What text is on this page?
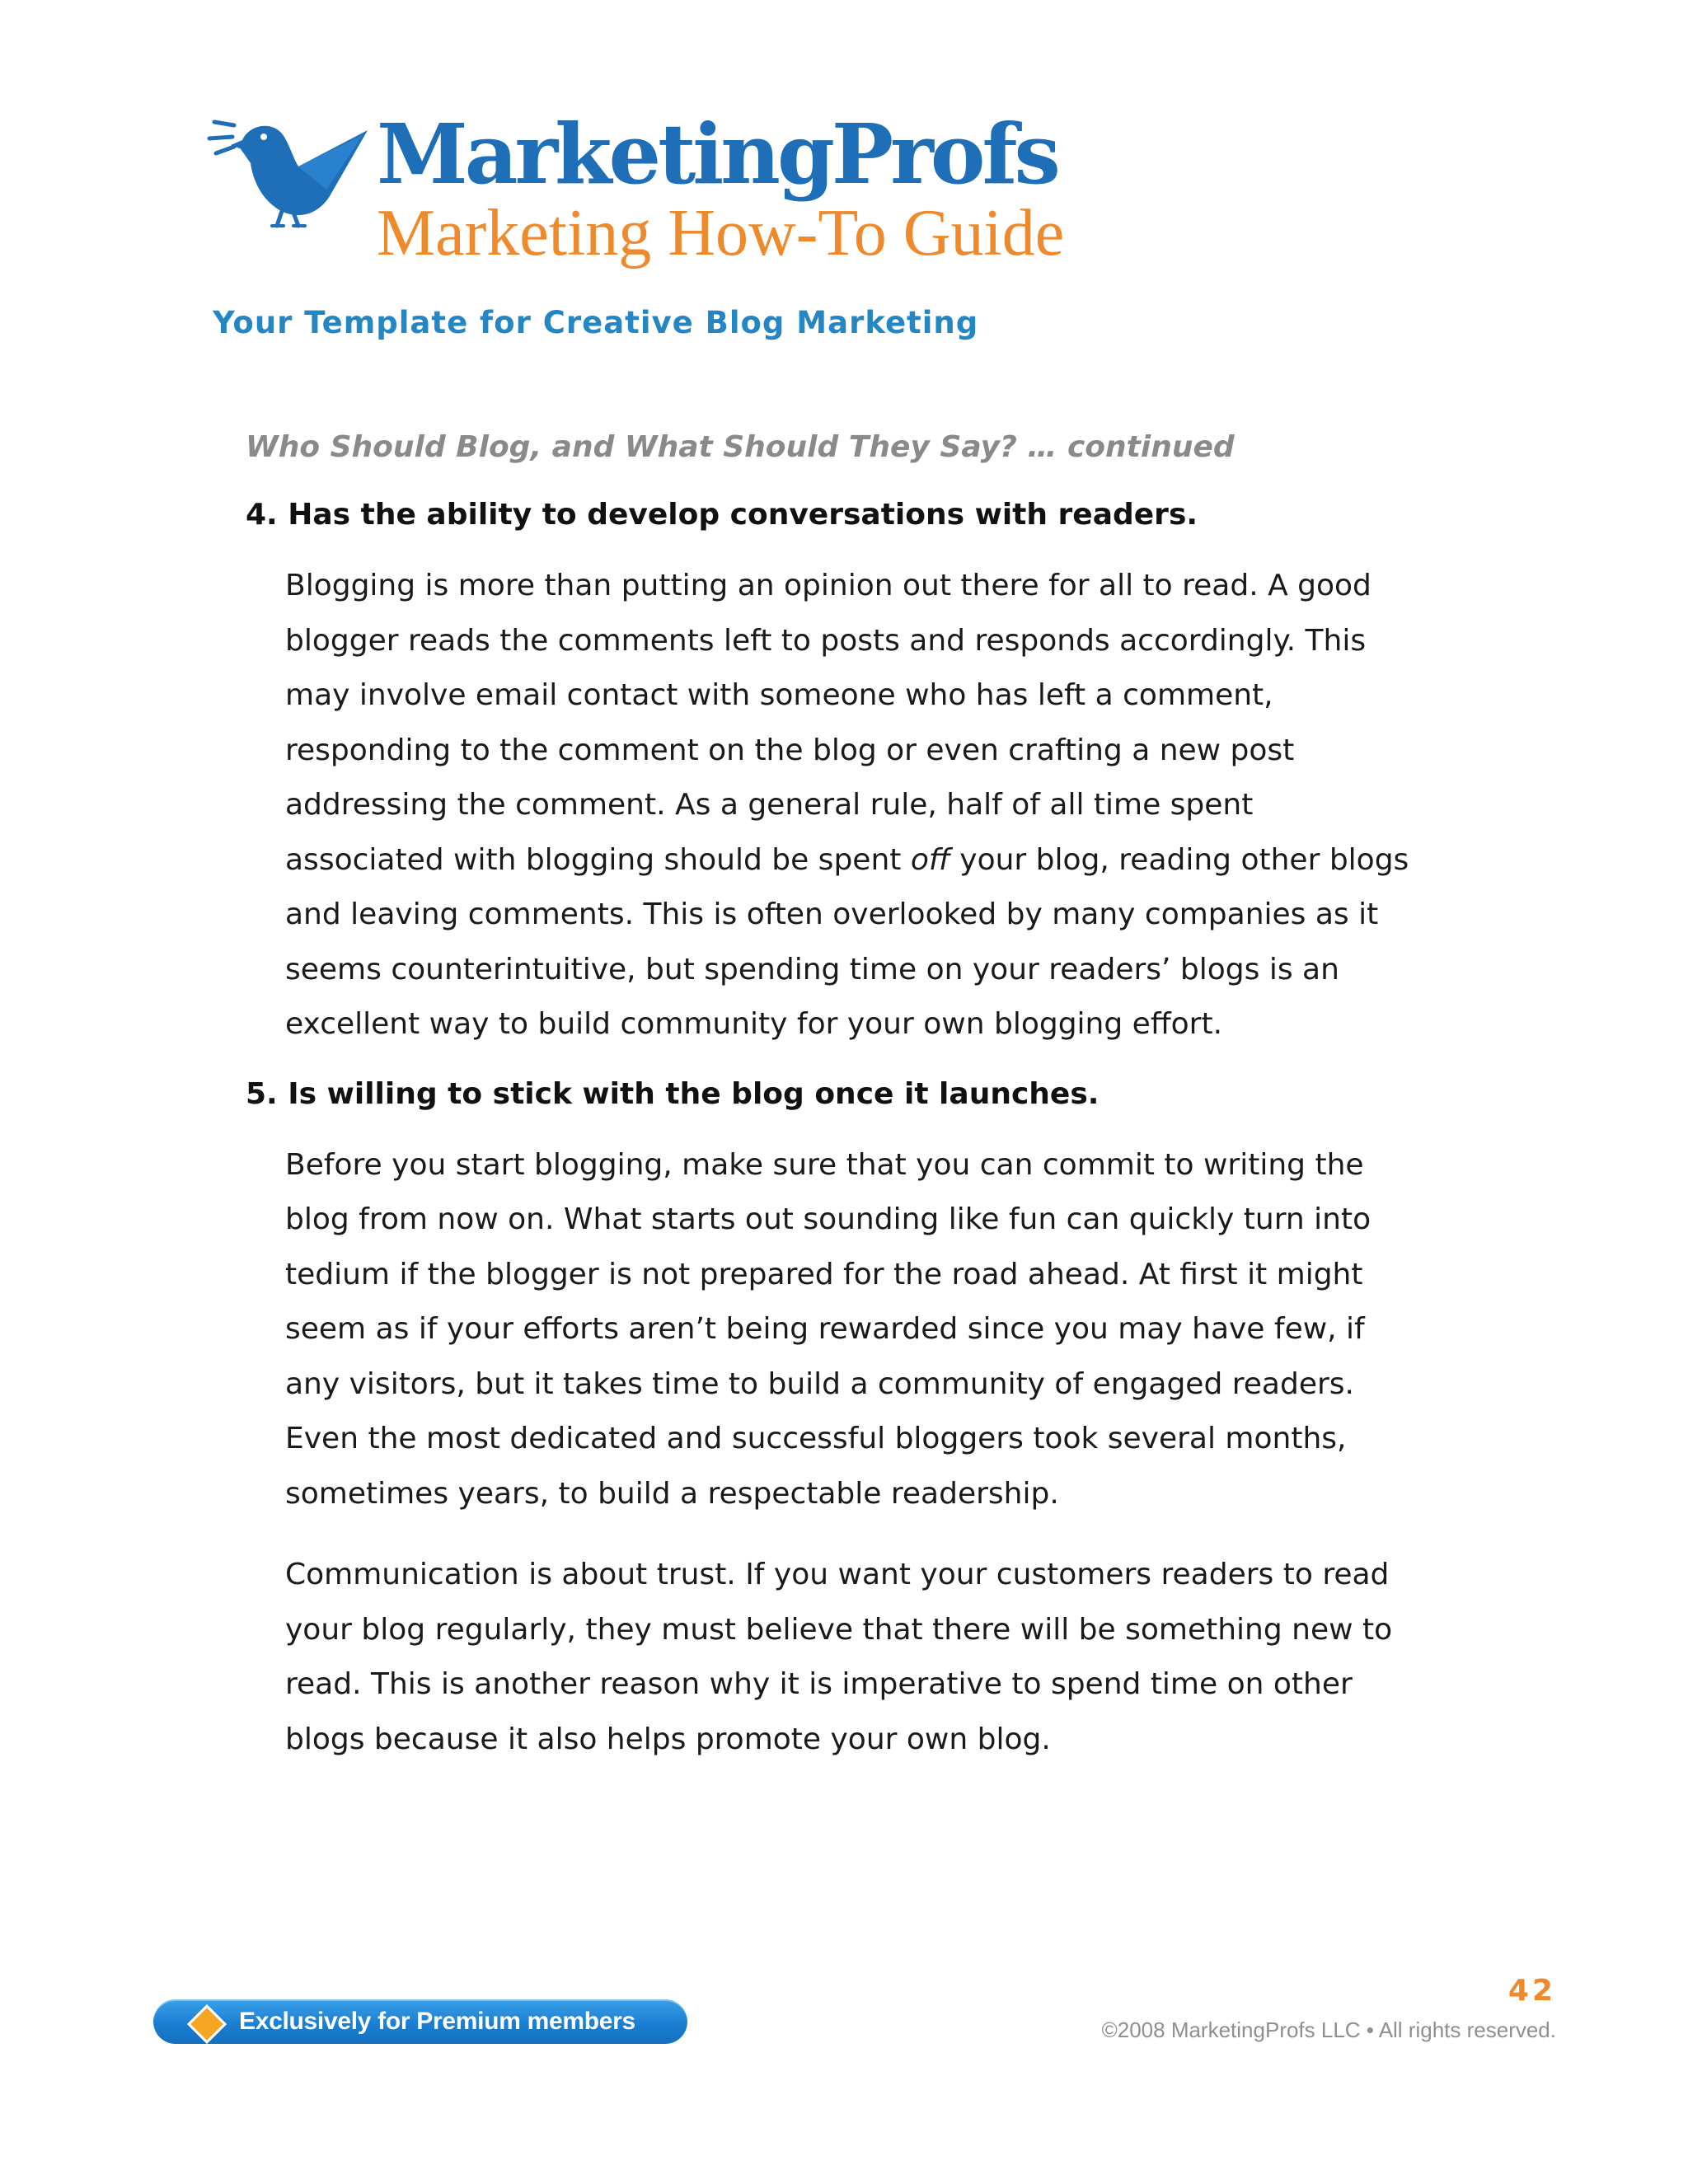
MarketingProfs
Marketing How-To Guide
Your Template for Creative Blog Marketing
Who Should Blog, and What Should They Say? … continued
4. Has the ability to develop conversations with readers.
Blogging is more than putting an opinion out there for all to read. A good
blogger reads the comments left to posts and responds accordingly. This
may involve email contact with someone who has left a comment,
responding to the comment on the blog or even crafting a new post
addressing the comment. As a general rule, half of all time spent
associated with blogging should be spent off your blog, reading other blogs
and leaving comments. This is often overlooked by many companies as it
seems counterintuitive, but spending time on your readers’ blogs is an
excellent way to build community for your own blogging effort.
5. Is willing to stick with the blog once it launches.
Before you start blogging, make sure that you can commit to writing the
blog from now on. What starts out sounding like fun can quickly turn into
tedium if the blogger is not prepared for the road ahead. At first it might
seem as if your efforts aren’t being rewarded since you may have few, if
any visitors, but it takes time to build a community of engaged readers.
Even the most dedicated and successful bloggers took several months,
sometimes years, to build a respectable readership.
Communication is about trust. If you want your customers readers to read
your blog regularly, they must believe that there will be something new to
read. This is another reason why it is imperative to spend time on other
blogs because it also helps promote your own blog.
Exclusively for Premium members
42
©2008 MarketingProfs LLC • All rights reserved.
